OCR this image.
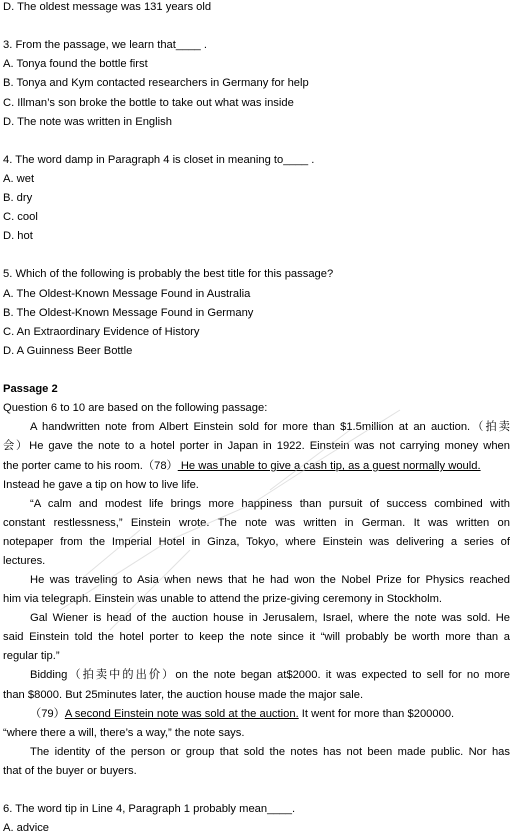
D. The oldest message was 131 years old
3. From the passage, we learn that____ .
A. Tonya found the bottle first
B. Tonya and Kym contacted researchers in Germany for help
C. Illman’s son broke the bottle to take out what was inside
D. The note was written in English
4. The word damp in Paragraph 4 is closet in meaning to____ .
A. wet
B. dry
C. cool
D. hot
5. Which of the following is probably the best title for this passage?
A. The Oldest-Known Message Found in Australia
B. The Oldest-Known Message Found in Germany
C. An Extraordinary Evidence of History
D. A Guinness Beer Bottle
Passage 2
Question 6 to 10 are based on the following passage:
A handwritten note from Albert Einstein sold for more than $1.5million at an auction.（拍卖
会）He gave the note to a hotel porter in Japan in 1922. Einstein was not carrying money when
the porter came to his room.（78） He was unable to give a cash tip, as a guest normally would.
Instead he gave a tip on how to live life.
“A calm and modest life brings more happiness than pursuit of success combined with
constant restlessness,” Einstein wrote. The note was written in German. It was written on
notepaper from the Imperial Hotel in Ginza, Tokyo, where Einstein was delivering a series of
lectures.
He was traveling to Asia when news that he had won the Nobel Prize for Physics reached
him via telegraph. Einstein was unable to attend the prize-giving ceremony in Stockholm.
Gal Wiener is head of the auction house in Jerusalem, Israel, where the note was sold. He
said Einstein told the hotel porter to keep the note since it “will probably be worth more than a
regular tip.”
Bidding（拍卖中的出价）on the note began at$2000. it was expected to sell for no more
than $8000. But 25minutes later, the auction house made the major sale.
（79）A second Einstein note was sold at the auction. It went for more than $200000.
“where there a will, there’s a way,” the note says.
The identity of the person or group that sold the notes has not been made public. Nor has
that of the buyer or buyers.
6. The word tip in Line 4, Paragraph 1 probably mean____.
A. advice
